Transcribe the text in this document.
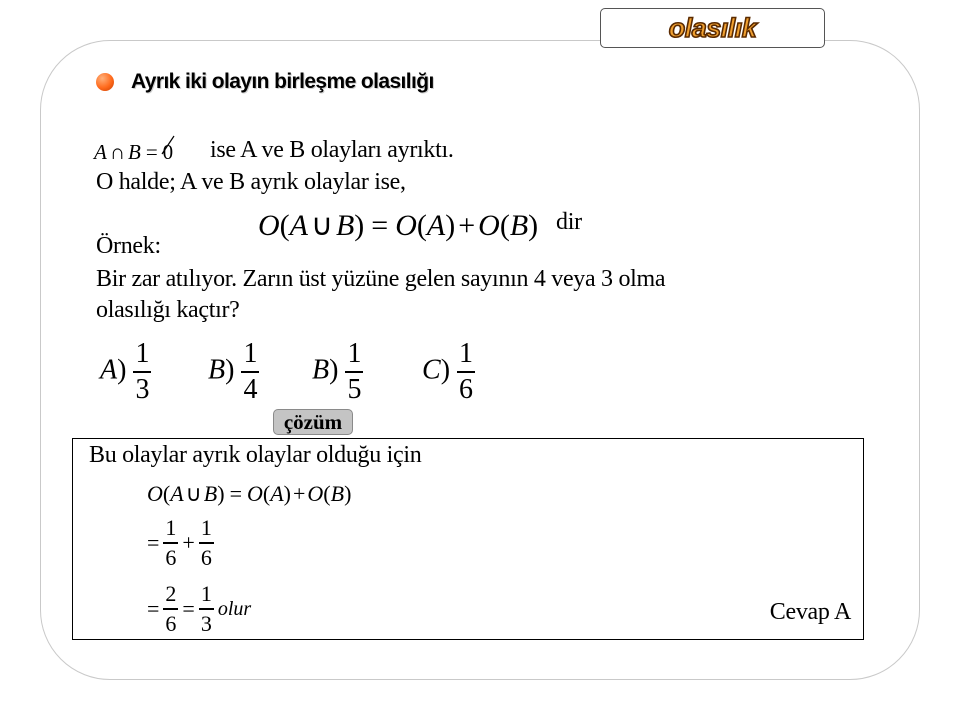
olasılık
Ayrık iki olayın birleşme olasılığı
A ∩ B = 0 ise A ve B olayları ayrıktı.
O halde; A ve B ayrık olaylar ise,
O(A ∪ B) = O(A) + O(B) dir
Örnek:
Bir zar atılıyor. Zarın üst yüzüne gelen sayının 4 veya 3 olma
olasılığı kaçtır?
$A) \frac{1}{3} B) \frac{1}{4} B) \frac{1}{5} C) \frac{1}{6}$
çözüm
Bu olaylar ayrık olaylar olduğu için
O(A∪B) = O(A)+O(B)
= $\frac{1}{6} + \frac{1}{6}$
= $\frac{2}{6} = \frac{1}{3}$ olur	Cevap A
